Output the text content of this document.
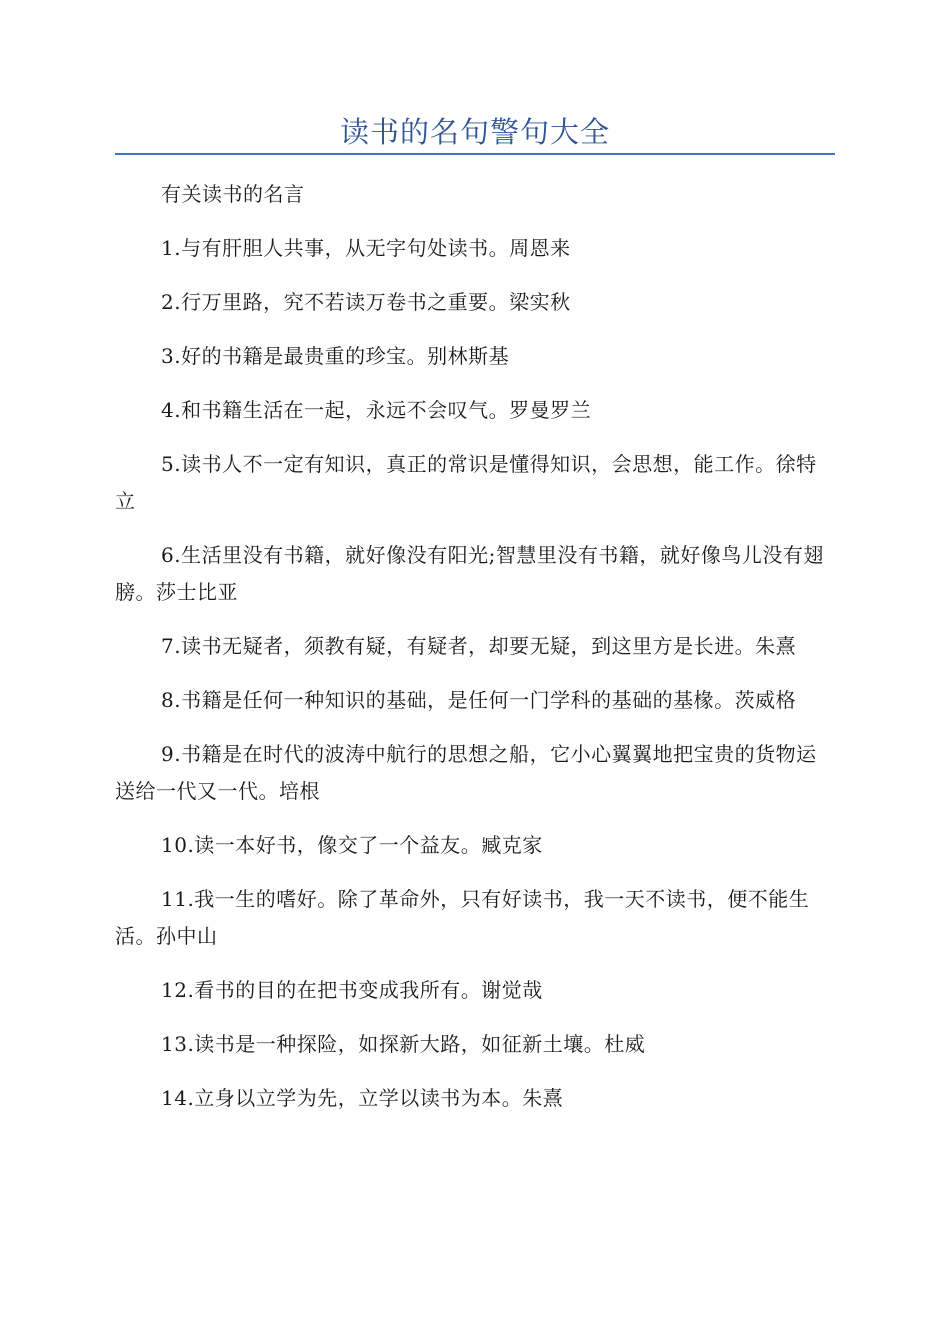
读书的名句警句大全

有关读书的名言

1.与有肝胆人共事，从无字句处读书。周恩来

2.行万里路，究不若读万卷书之重要。梁实秋

3.好的书籍是最贵重的珍宝。别林斯基

4.和书籍生活在一起，永远不会叹气。罗曼罗兰

5.读书人不一定有知识，真正的常识是懂得知识，会思想，能工作。徐特立

6.生活里没有书籍，就好像没有阳光;智慧里没有书籍，就好像鸟儿没有翅膀。莎士比亚

7.读书无疑者，须教有疑，有疑者，却要无疑，到这里方是长进。朱熹

8.书籍是任何一种知识的基础，是任何一门学科的基础的基椽。茨威格

9.书籍是在时代的波涛中航行的思想之船，它小心翼翼地把宝贵的货物运送给一代又一代。培根

10.读一本好书，像交了一个益友。臧克家

11.我一生的嗜好。除了革命外，只有好读书，我一天不读书，便不能生活。孙中山

12.看书的目的在把书变成我所有。谢觉哉

13.读书是一种探险，如探新大路，如征新土壤。杜威

14.立身以立学为先，立学以读书为本。朱熹
